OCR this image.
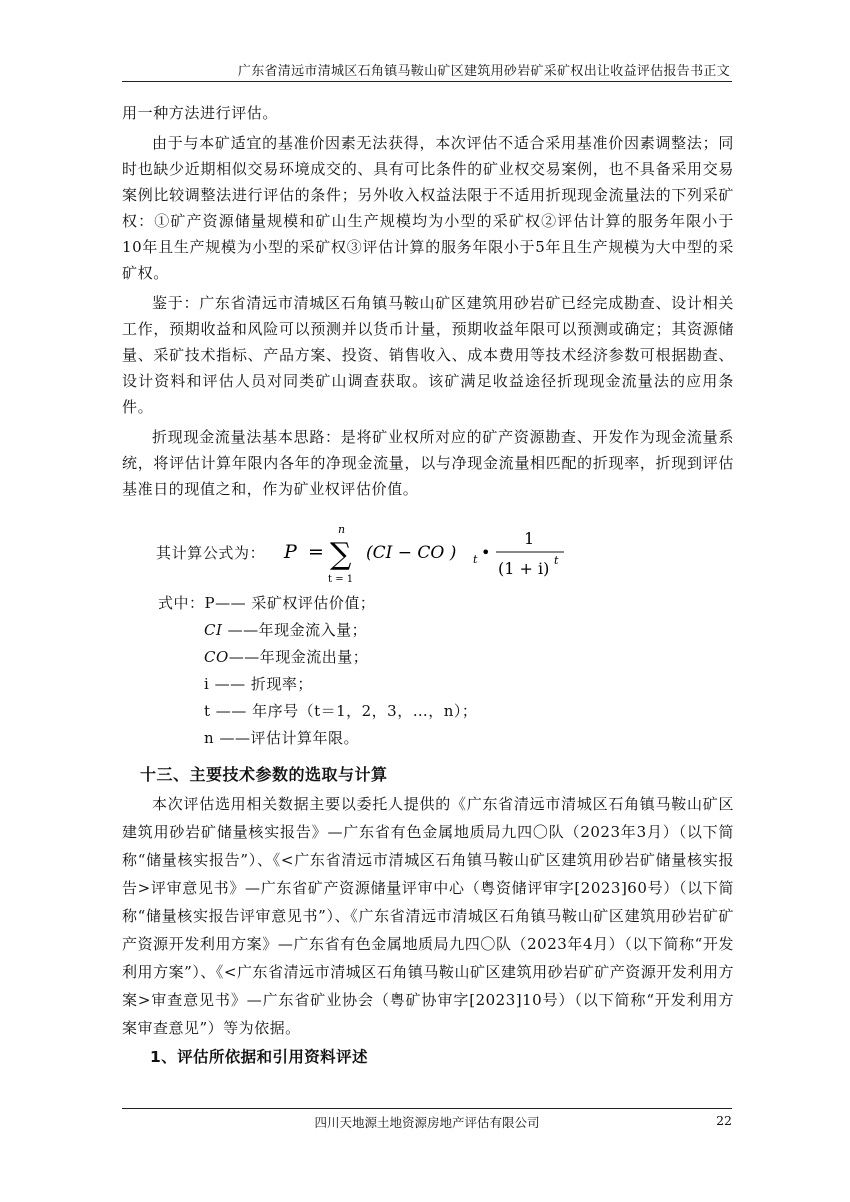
广东省清远市清城区石角镇马鞍山矿区建筑用砂岩矿采矿权出让收益评估报告书正文

用一种方法进行评估。

由于与本矿适宜的基准价因素无法获得，本次评估不适合采用基准价因素调整法；同时也缺少近期相似交易环境成交的、具有可比条件的矿业权交易案例，也不具备采用交易案例比较调整法进行评估的条件；另外收入权益法限于不适用折现现金流量法的下列采矿权：①矿产资源储量规模和矿山生产规模均为小型的采矿权②评估计算的服务年限小于10年且生产规模为小型的采矿权③评估计算的服务年限小于5年且生产规模为大中型的采矿权。

鉴于：广东省清远市清城区石角镇马鞍山矿区建筑用砂岩矿已经完成勘查、设计相关工作，预期收益和风险可以预测并以货币计量，预期收益年限可以预测或确定；其资源储量、采矿技术指标、产品方案、投资、销售收入、成本费用等技术经济参数可根据勘查、设计资料和评估人员对同类矿山调查获取。该矿满足收益途径折现现金流量法的应用条件。

折现现金流量法基本思路：是将矿业权所对应的矿产资源勘查、开发作为现金流量系统，将评估计算年限内各年的净现金流量，以与净现金流量相匹配的折现率，折现到评估基准日的现值之和，作为矿业权评估价值。

其计算公式为： P =
n
∑
t = 1
(CI − CO ) t •
1
(1 + i) t
式中：P—— 采矿权评估价值；
CI ——年现金流入量；
CO——年现金流出量；
i —— 折现率；
t —— 年序号（t＝1，2，3，…，n）；
n ——评估计算年限。
十三、主要技术参数的选取与计算

本次评估选用相关数据主要以委托人提供的《广东省清远市清城区石角镇马鞍山矿区建筑用砂岩矿储量核实报告》—广东省有色金属地质局九四〇队（2023年3月）（以下简称“储量核实报告”）、《<广东省清远市清城区石角镇马鞍山矿区建筑用砂岩矿储量核实报告>评审意见书》—广东省矿产资源储量评审中心（粤资储评审字[2023]60号）（以下简称“储量核实报告评审意见书”）、《广东省清远市清城区石角镇马鞍山矿区建筑用砂岩矿矿产资源开发利用方案》—广东省有色金属地质局九四〇队（2023年4月）（以下简称“开发利用方案”）、《<广东省清远市清城区石角镇马鞍山矿区建筑用砂岩矿矿产资源开发利用方案>审查意见书》—广东省矿业协会（粤矿协审字[2023]10号）（以下简称“开发利用方案审查意见”）等为依据。

1、评估所依据和引用资料评述
四川天地源土地资源房地产评估有限公司	22
